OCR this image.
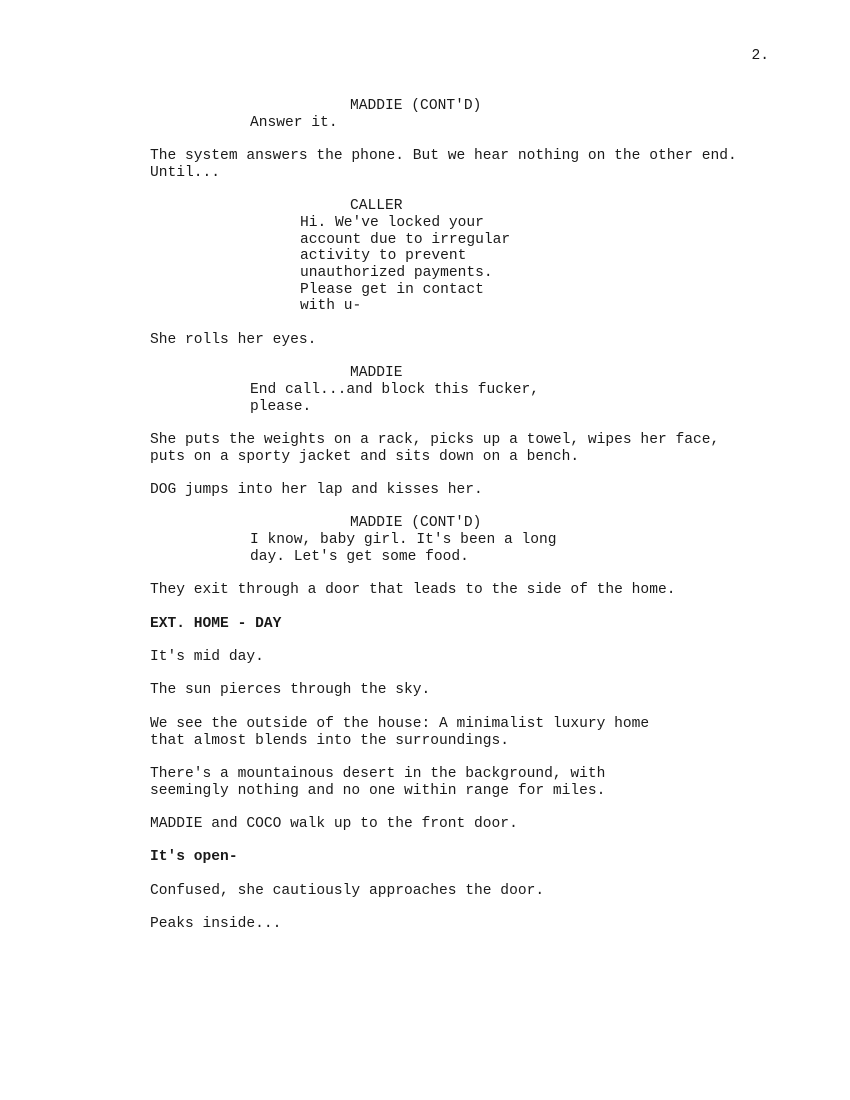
2.
MADDIE (CONT'D)
Answer it.
The system answers the phone. But we hear nothing on the other end. Until...
CALLER
Hi. We've locked your
account due to irregular
activity to prevent
unauthorized payments.
Please get in contact
with u-
She rolls her eyes.
MADDIE
End call...and block this fucker,
please.
She puts the weights on a rack, picks up a towel, wipes her face, puts on a sporty jacket and sits down on a bench.
DOG jumps into her lap and kisses her.
MADDIE (CONT'D)
I know, baby girl. It's been a long
day. Let's get some food.
They exit through a door that leads to the side of the home.
EXT. HOME - DAY
It's mid day.
The sun pierces through the sky.
We see the outside of the house: A minimalist luxury home
that almost blends into the surroundings.
There's a mountainous desert in the background, with
seemingly nothing and no one within range for miles.
MADDIE and COCO walk up to the front door.
It's open-
Confused, she cautiously approaches the door.
Peaks inside...
